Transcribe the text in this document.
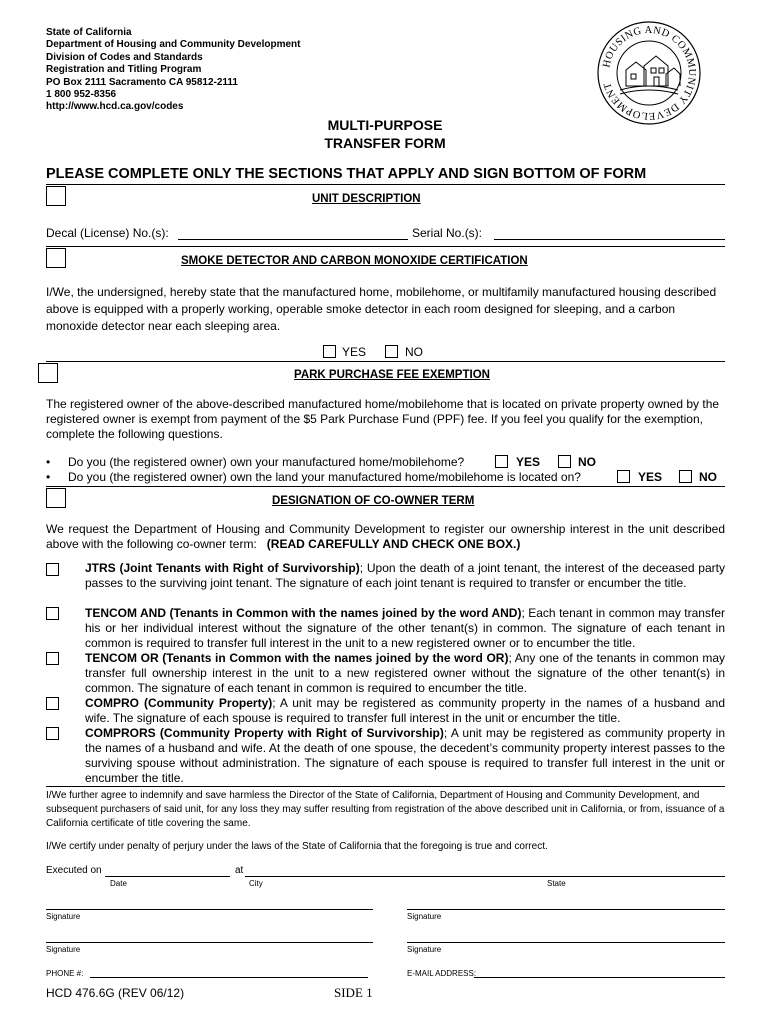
State of California
Department of Housing and Community Development
Division of Codes and Standards
Registration and Titling Program
PO Box 2111 Sacramento CA 95812-2111
1 800 952-8356
http://www.hcd.ca.gov/codes
HOUSING AND COMMUNITY DEVELOPMENT
MULTI-PURPOSE
TRANSFER FORM
PLEASE COMPLETE ONLY THE SECTIONS THAT APPLY AND SIGN BOTTOM OF FORM
UNIT DESCRIPTION
Decal (License) No.(s):	Serial No.(s):
SMOKE DETECTOR AND CARBON MONOXIDE CERTIFICATION
I/We, the undersigned, hereby state that the manufactured home, mobilehome, or multifamily manufactured housing described above is equipped with a properly working, operable smoke detector in each room designed for sleeping, and a carbon monoxide detector near each sleeping area.
YES	NO
PARK PURCHASE FEE EXEMPTION
The registered owner of the above-described manufactured home/mobilehome that is located on private property owned by the registered owner is exempt from payment of the $5 Park Purchase Fund (PPF) fee. If you feel you qualify for the exemption, complete the following questions.
• Do you (the registered owner) own your manufactured home/mobilehome?	YES	NO
• Do you (the registered owner) own the land your manufactured home/mobilehome is located on?	YES	NO
DESIGNATION OF CO-OWNER TERM
We request the Department of Housing and Community Development to register our ownership interest in the unit described above with the following co-owner term: (READ CAREFULLY AND CHECK ONE BOX.)
JTRS (Joint Tenants with Right of Survivorship); Upon the death of a joint tenant, the interest of the deceased party passes to the surviving joint tenant. The signature of each joint tenant is required to transfer or encumber the title.
TENCOM AND (Tenants in Common with the names joined by the word AND); Each tenant in common may transfer his or her individual interest without the signature of the other tenant(s) in common. The signature of each tenant in common is required to transfer full interest in the unit to a new registered owner or to encumber the title.
TENCOM OR (Tenants in Common with the names joined by the word OR); Any one of the tenants in common may transfer full ownership interest in the unit to a new registered owner without the signature of the other tenant(s) in common. The signature of each tenant in common is required to encumber the title.
COMPRO (Community Property); A unit may be registered as community property in the names of a husband and wife. The signature of each spouse is required to transfer full interest in the unit or encumber the title.
COMPRORS (Community Property with Right of Survivorship); A unit may be registered as community property in the names of a husband and wife. At the death of one spouse, the decedent’s community property interest passes to the surviving spouse without administration. The signature of each spouse is required to transfer full interest in the unit or encumber the title.
I/We further agree to indemnify and save harmless the Director of the State of California, Department of Housing and Community Development, and subsequent purchasers of said unit, for any loss they may suffer resulting from registration of the above described unit in California, or from, issuance of a California certificate of title covering the same.
I/We certify under penalty of perjury under the laws of the State of California that the foregoing is true and correct.
Executed on	at
Date	City	State
Signature	Signature
Signature	Signature
PHONE #:	E-MAIL ADDRESS:
HCD 476.6G (REV 06/12)	SIDE 1
